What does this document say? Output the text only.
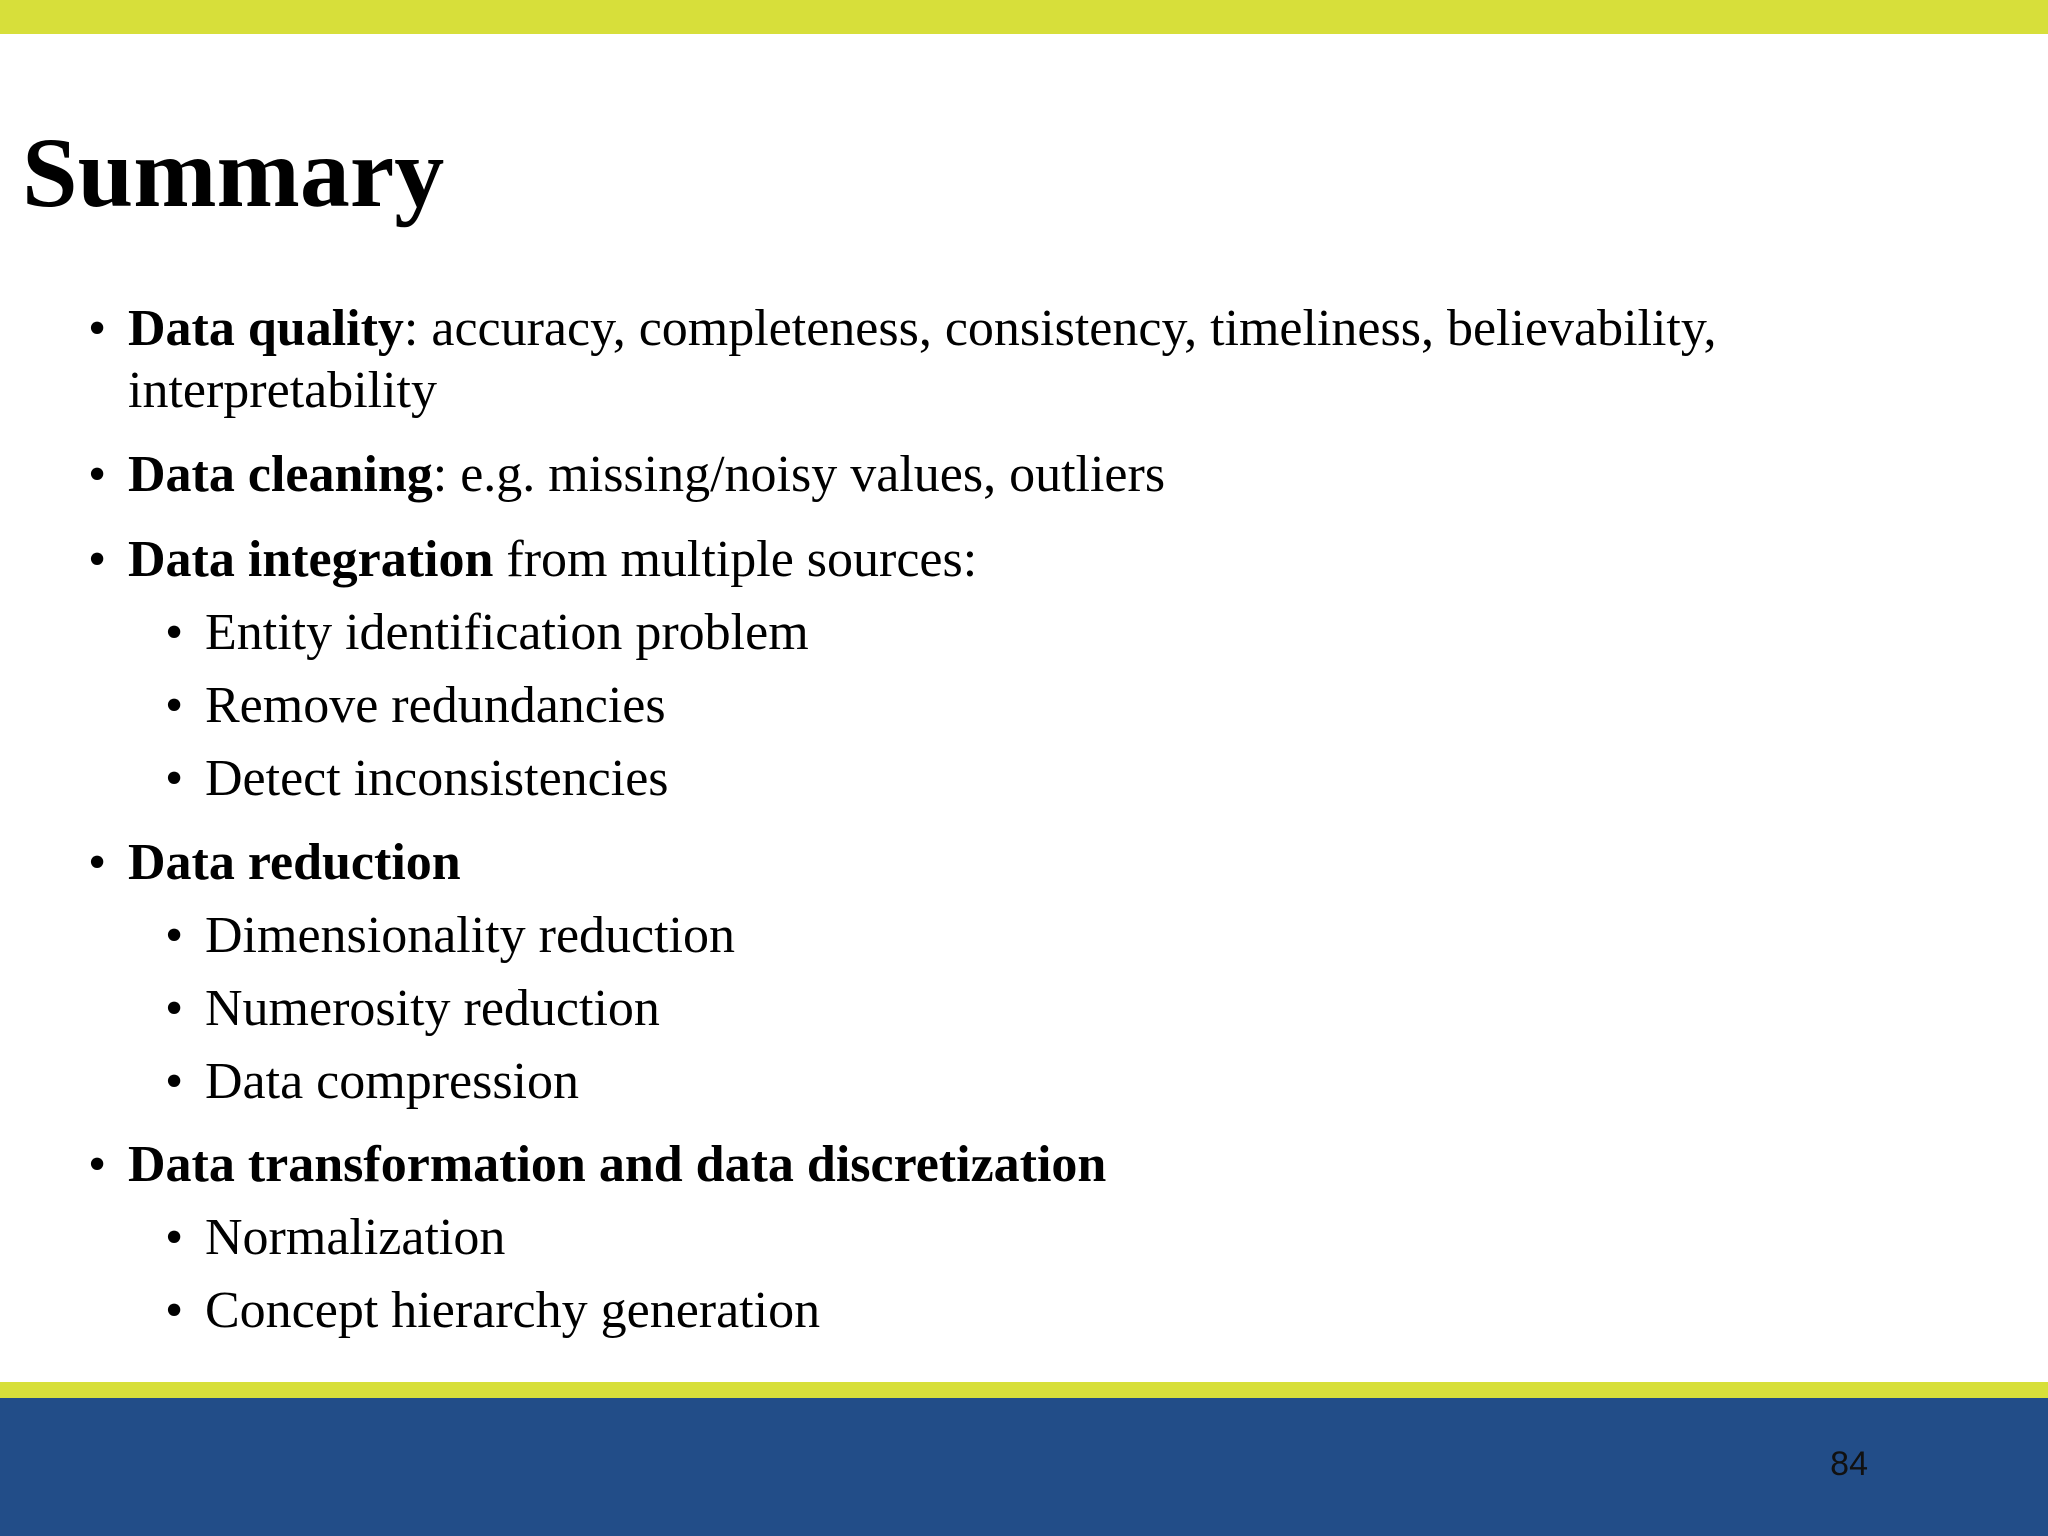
Summary
• Data quality: accuracy, completeness, consistency, timeliness, believability,
interpretability
• Data cleaning: e.g. missing/noisy values, outliers
• Data integration from multiple sources:
• Entity identification problem
• Remove redundancies
• Detect inconsistencies
• Data reduction
• Dimensionality reduction
• Numerosity reduction
• Data compression
• Data transformation and data discretization
• Normalization
• Concept hierarchy generation
84
